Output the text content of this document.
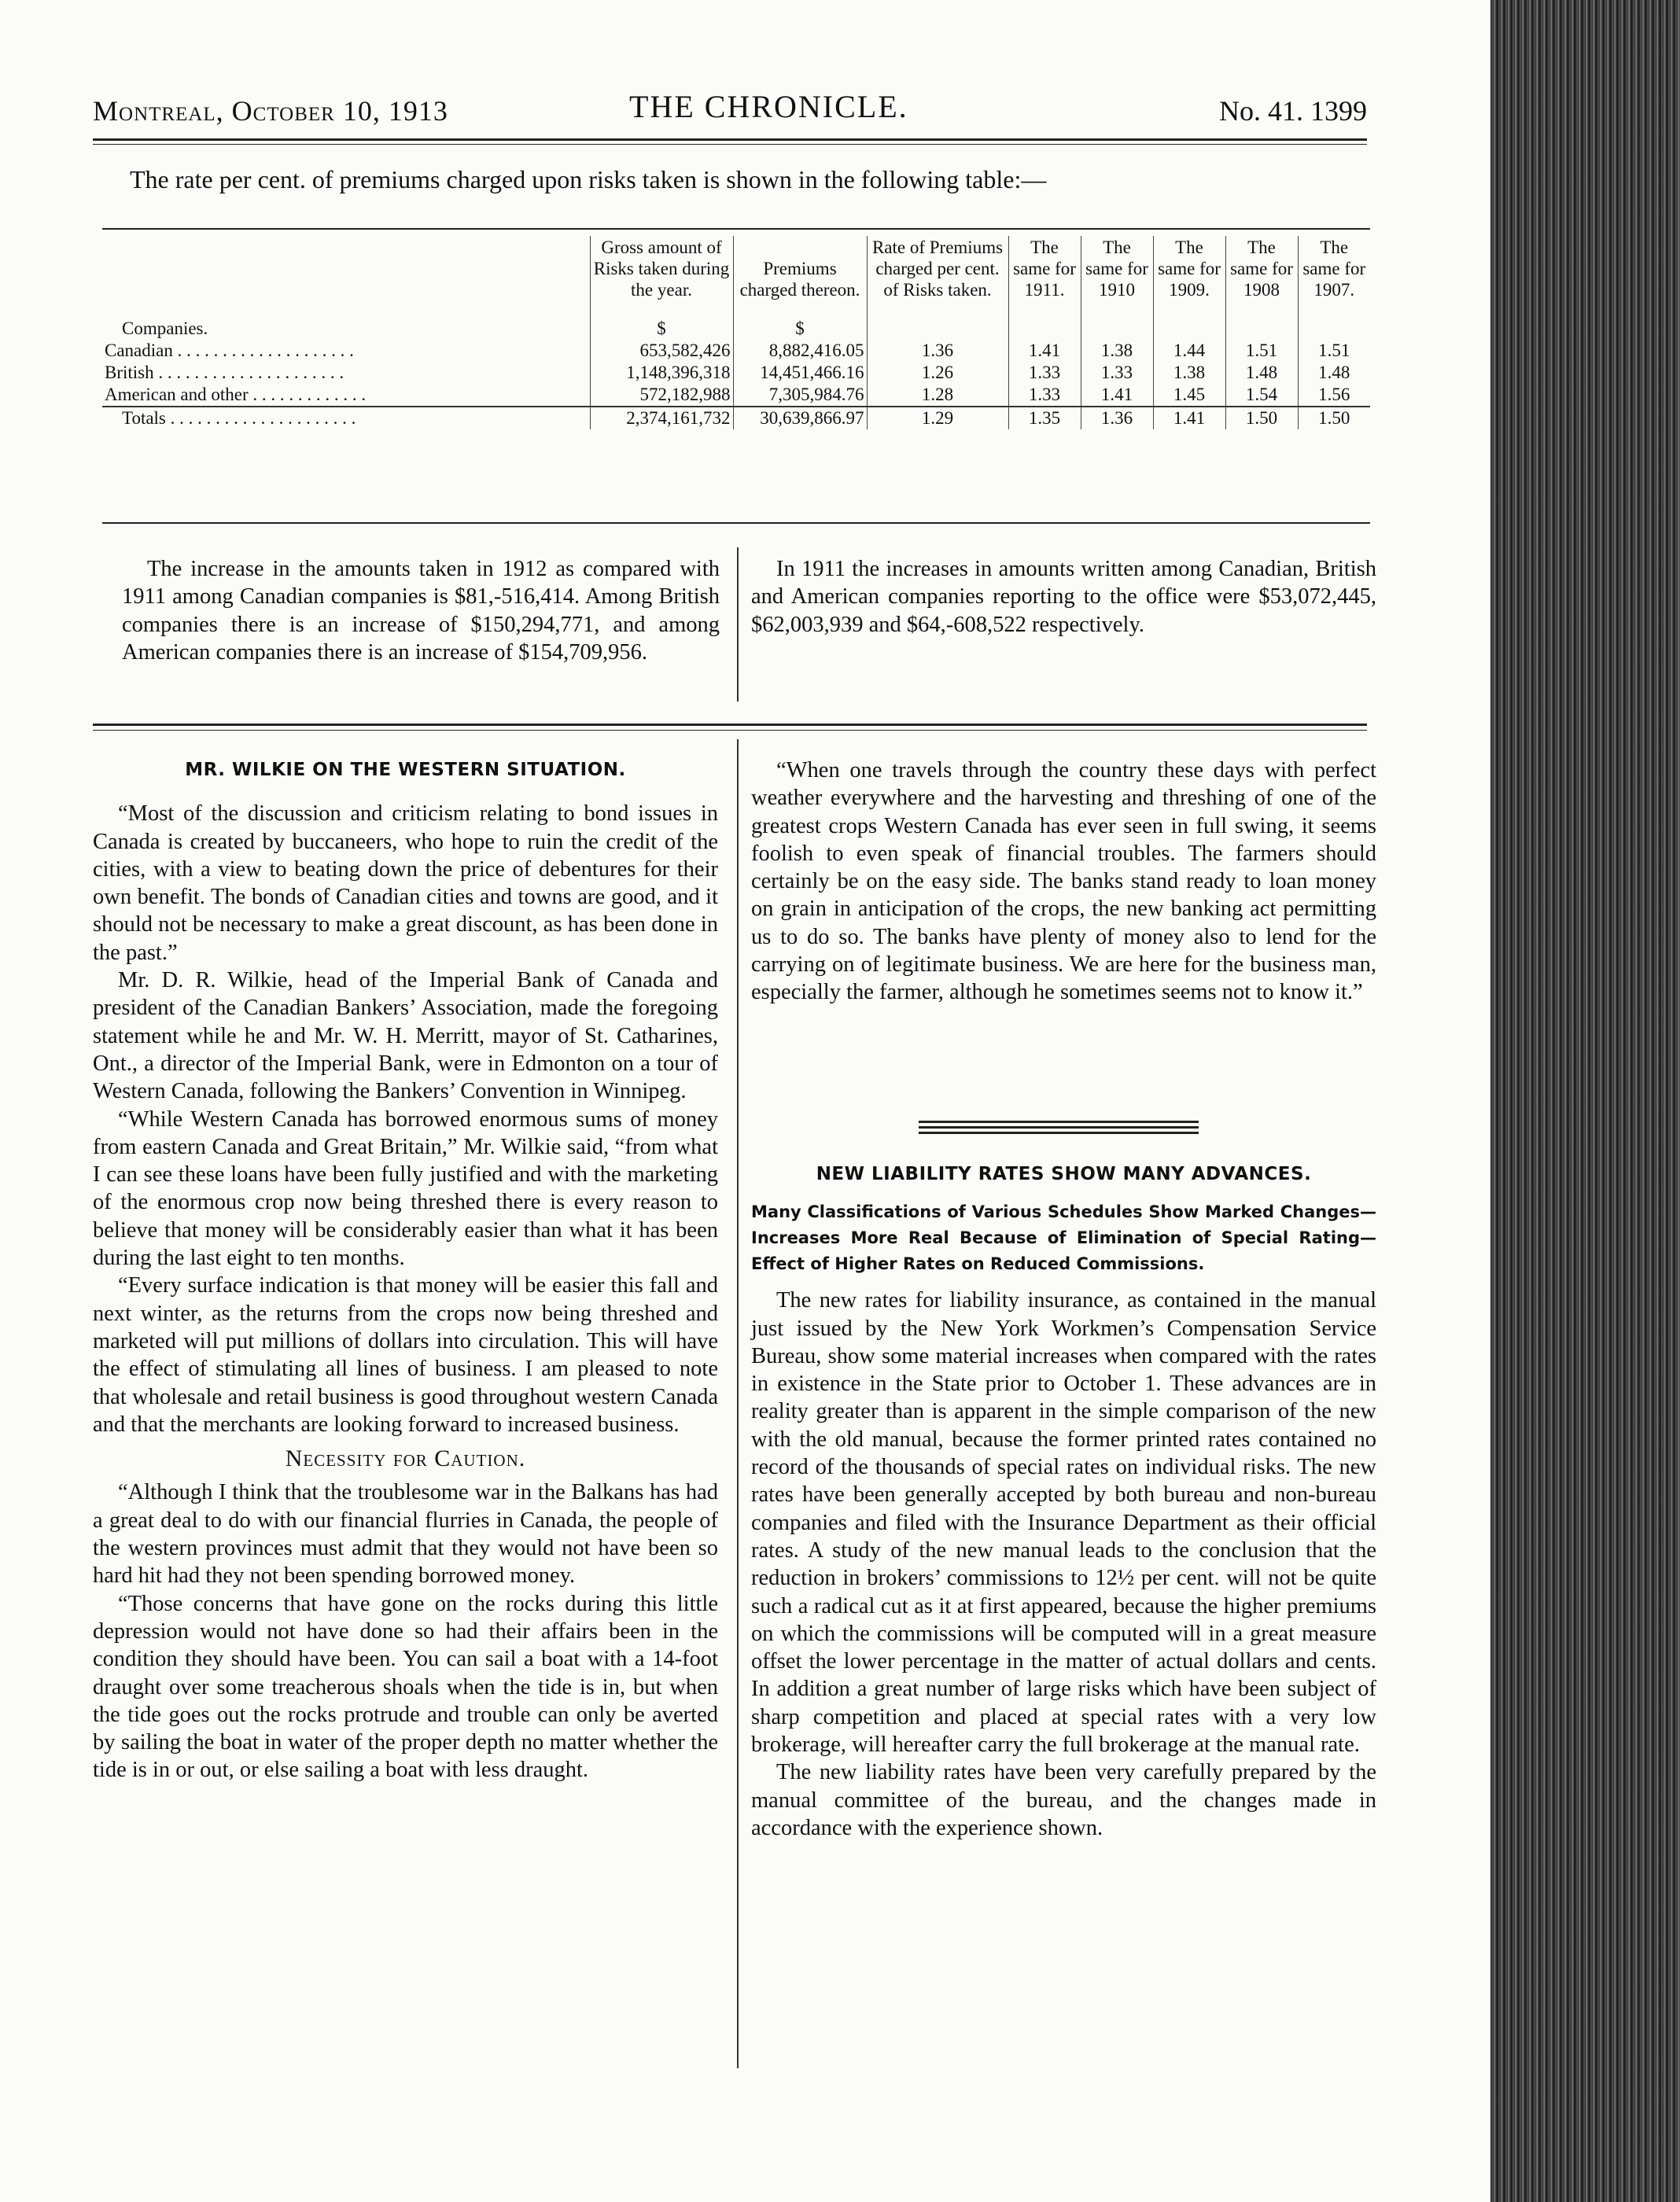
Montreal, October 10, 1913	THE CHRONICLE.	No. 41. 1399
The rate per cent. of premiums charged upon risks taken is shown in the following table:—
	Gross amount of Risks taken during the year.	Premiums charged thereon.	Rate of Premiums charged per cent. of Risks taken.	The same for 1911.	The same for 1910	The same for 1909.	The same for 1908	The same for 1907.
Companies.	$	$						
Canadian . . . . . . . . . . . . . . . . . . . .	653,582,426	8,882,416.05	1.36	1.41	1.38	1.44	1.51	1.51
British . . . . . . . . . . . . . . . . . . . . .	1,148,396,318	14,451,466.16	1.26	1.33	1.33	1.38	1.48	1.48
American and other . . . . . . . . . . . . .	572,182,988	7,305,984.76	1.28	1.33	1.41	1.45	1.54	1.56
Totals . . . . . . . . . . . . . . . . . . . . .	2,374,161,732	30,639,866.97	1.29	1.35	1.36	1.41	1.50	1.50

The increase in the amounts taken in 1912 as compared with 1911 among Canadian companies is $81,-516,414. Among British companies there is an increase of $150,294,771, and among American companies there is an increase of $154,709,956.

In 1911 the increases in amounts written among Canadian, British and American companies reporting to the office were $53,072,445, $62,003,939 and $64,-608,522 respectively.

MR. WILKIE ON THE WESTERN SITUATION.

“Most of the discussion and criticism relating to bond issues in Canada is created by buccaneers, who hope to ruin the credit of the cities, with a view to beating down the price of debentures for their own benefit. The bonds of Canadian cities and towns are good, and it should not be necessary to make a great discount, as has been done in the past.”

Mr. D. R. Wilkie, head of the Imperial Bank of Canada and president of the Canadian Bankers’ Association, made the foregoing statement while he and Mr. W. H. Merritt, mayor of St. Catharines, Ont., a director of the Imperial Bank, were in Edmonton on a tour of Western Canada, following the Bankers’ Convention in Winnipeg.

“While Western Canada has borrowed enormous sums of money from eastern Canada and Great Britain,” Mr. Wilkie said, “from what I can see these loans have been fully justified and with the marketing of the enormous crop now being threshed there is every reason to believe that money will be considerably easier than what it has been during the last eight to ten months.

“Every surface indication is that money will be easier this fall and next winter, as the returns from the crops now being threshed and marketed will put millions of dollars into circulation. This will have the effect of stimulating all lines of business. I am pleased to note that wholesale and retail business is good throughout western Canada and that the merchants are looking forward to increased business.

Necessity for Caution.

“Although I think that the troublesome war in the Balkans has had a great deal to do with our financial flurries in Canada, the people of the western provinces must admit that they would not have been so hard hit had they not been spending borrowed money.

“Those concerns that have gone on the rocks during this little depression would not have done so had their affairs been in the condition they should have been. You can sail a boat with a 14-foot draught over some treacherous shoals when the tide is in, but when the tide goes out the rocks protrude and trouble can only be averted by sailing the boat in water of the proper depth no matter whether the tide is in or out, or else sailing a boat with less draught.

“When one travels through the country these days with perfect weather everywhere and the harvesting and threshing of one of the greatest crops Western Canada has ever seen in full swing, it seems foolish to even speak of financial troubles. The farmers should certainly be on the easy side. The banks stand ready to loan money on grain in anticipation of the crops, the new banking act permitting us to do so. The banks have plenty of money also to lend for the carrying on of legitimate business. We are here for the business man, especially the farmer, although he sometimes seems not to know it.”

NEW LIABILITY RATES SHOW MANY ADVANCES.

Many Classifications of Various Schedules Show Marked Changes—Increases More Real Because of Elimination of Special Rating—Effect of Higher Rates on Reduced Commissions.

The new rates for liability insurance, as contained in the manual just issued by the New York Workmen’s Compensation Service Bureau, show some material increases when compared with the rates in existence in the State prior to October 1. These advances are in reality greater than is apparent in the simple comparison of the new with the old manual, because the former printed rates contained no record of the thousands of special rates on individual risks. The new rates have been generally accepted by both bureau and non-bureau companies and filed with the Insurance Department as their official rates. A study of the new manual leads to the conclusion that the reduction in brokers’ commissions to 12½ per cent. will not be quite such a radical cut as it at first appeared, because the higher premiums on which the commissions will be computed will in a great measure offset the lower percentage in the matter of actual dollars and cents. In addition a great number of large risks which have been subject of sharp competition and placed at special rates with a very low brokerage, will hereafter carry the full brokerage at the manual rate.

The new liability rates have been very carefully prepared by the manual committee of the bureau, and the changes made in accordance with the experience shown.
